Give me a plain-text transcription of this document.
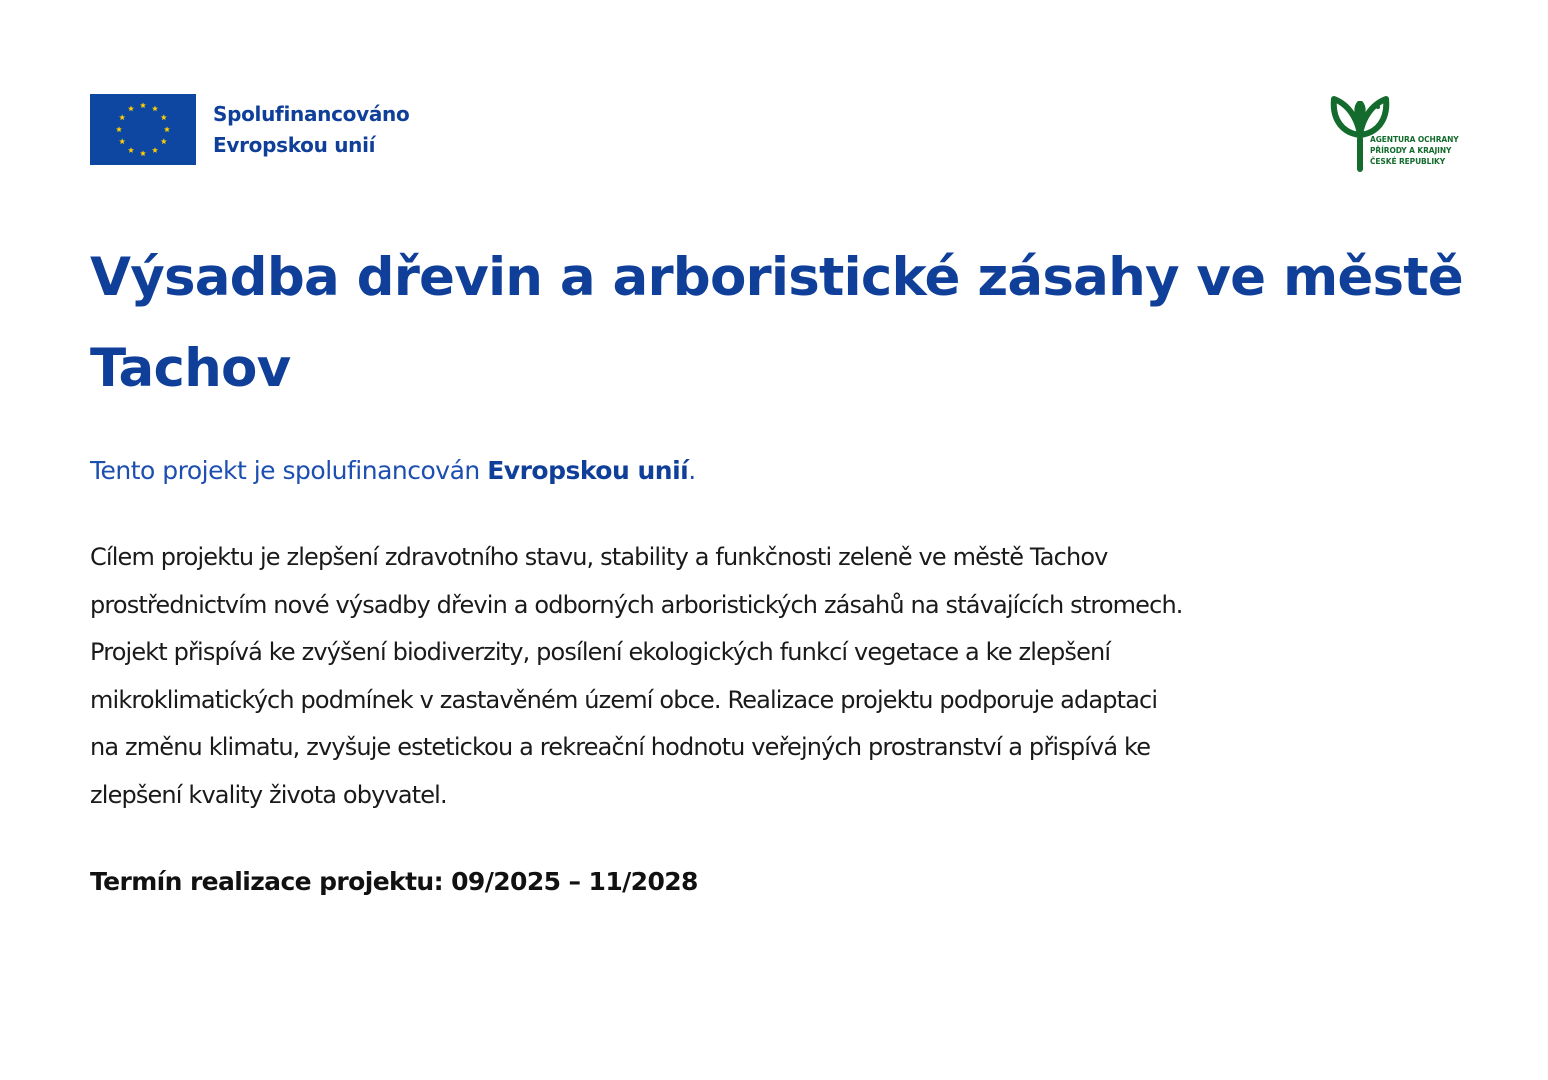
Spolufinancováno
Evropskou unií	AGENTURA OCHRANY
PŘÍRODY A KRAJINY
ČESKÉ REPUBLIKY
Výsadba dřevin a arboristické zásahy ve městě Tachov

Tento projekt je spolufinancován Evropskou unií.

Cílem projektu je zlepšení zdravotního stavu, stability a funkčnosti zeleně ve městě Tachov
prostřednictvím nové výsadby dřevin a odborných arboristických zásahů na stávajících stromech.
Projekt přispívá ke zvýšení biodiverzity, posílení ekologických funkcí vegetace a ke zlepšení
mikroklimatických podmínek v zastavěném území obce. Realizace projektu podporuje adaptaci
na změnu klimatu, zvyšuje estetickou a rekreační hodnotu veřejných prostranství a přispívá ke
zlepšení kvality života obyvatel.

Termín realizace projektu: 09/2025 – 11/2028
